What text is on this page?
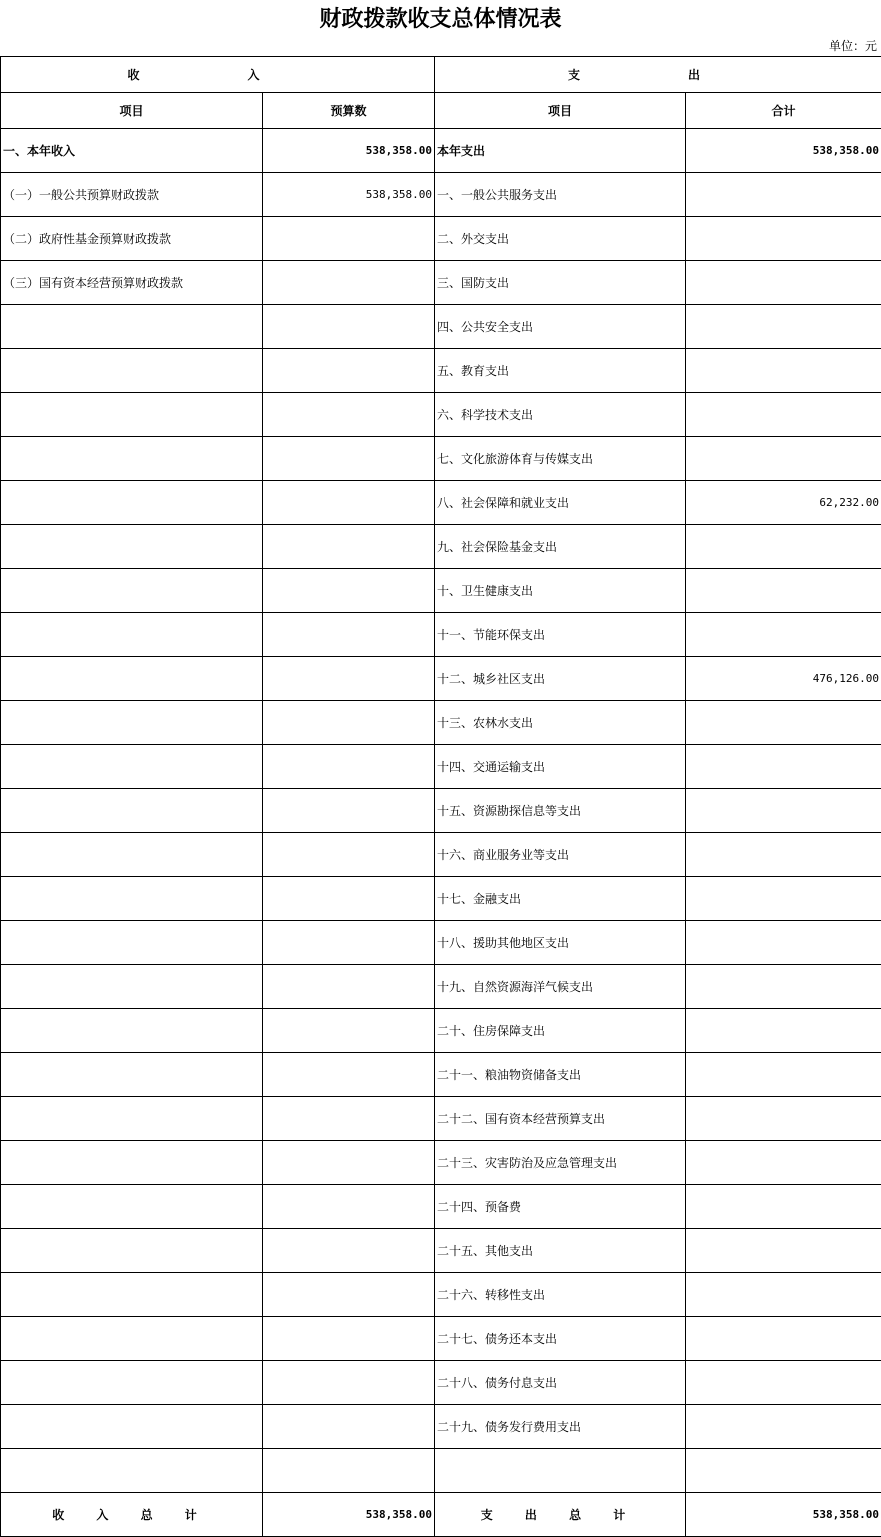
财政拨款收支总体情况表
单位：元
收　入		支　出	
项目	预算数	项目	合计
一、本年收入	538,358.00	本年支出	538,358.00
（一）一般公共预算财政拨款	538,358.00	一、一般公共服务支出	
（二）政府性基金预算财政拨款		二、外交支出	
（三）国有资本经营预算财政拨款		三、国防支出	
		四、公共安全支出	
		五、教育支出	
		六、科学技术支出	
		七、文化旅游体育与传媒支出	
		八、社会保障和就业支出	62,232.00
		九、社会保险基金支出	
		十、卫生健康支出	
		十一、节能环保支出	
		十二、城乡社区支出	476,126.00
		十三、农林水支出	
		十四、交通运输支出	
		十五、资源勘探信息等支出	
		十六、商业服务业等支出	
		十七、金融支出	
		十八、援助其他地区支出	
		十九、自然资源海洋气候支出	
		二十、住房保障支出	
		二十一、粮油物资储备支出	
		二十二、国有资本经营预算支出	
		二十三、灾害防治及应急管理支出	
		二十四、预备费	
		二十五、其他支出	
		二十六、转移性支出	
		二十七、债务还本支出	
		二十八、债务付息支出	
		二十九、债务发行费用支出	

收 入 总 计	538,358.00	支 出 总 计	538,358.00
